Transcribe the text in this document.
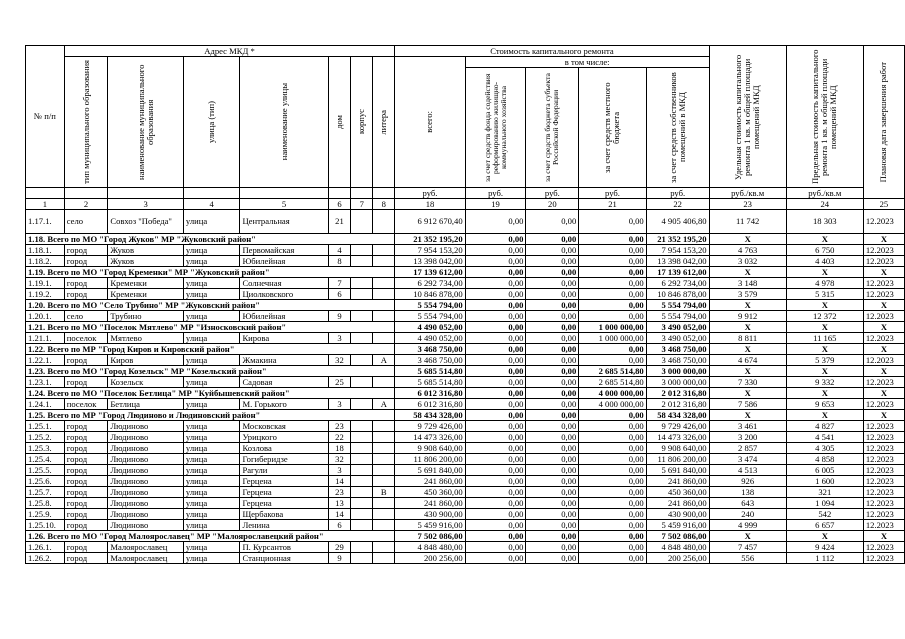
№ п/п	Адрес МКД *							Стоимость капитального ремонта					Удельная стоимость капитального ремонта 1 кв. м общей площади помещений МКД	Предельная стоимость капитального ремонта 1 кв. м общей площади помещений МКД	Плановая дата завершения работ

	тип муниципального образования	наименование муниципального образования	улица (тип)	наименование улицы	дом	корпус	литера	всего:	в том числе:						

									за счет средств фонда содействия реформированию жилищно-коммунального хозяйства	за счет средств бюджета субъекта Российской Федерации	за счет средств местного бюджета	за счет средств собственников помещений в МКД			

								руб.	руб.	руб.	руб.	руб.	руб./кв.м	руб./кв.м	
1	2	3	4	5	6	7	8	18	19	20	21	22	23	24	25
1.17.1.	село	Совхоз "Победа"	улица	Центральная	21			6 912 670,40	0,00	0,00	0,00	4 905 406,80	11 742	18 303	12.2023
1.18. Всего по МО "Город Жуков" МР "Жуковский район"								21 352 195,20	0,00	0,00	0,00	21 352 195,20	X	X	X
1.18.1.	город	Жуков	улица	Первомайская	4			7 954 153,20	0,00	0,00	0,00	7 954 153,20	4 763	6 750	12.2023
1.18.2.	город	Жуков	улица	Юбилейная	8			13 398 042,00	0,00	0,00	0,00	13 398 042,00	3 032	4 403	12.2023
1.19. Всего по МО "Город Кременки" МР "Жуковский район"								17 139 612,00	0,00	0,00	0,00	17 139 612,00	X	X	X
1.19.1.	город	Кременки	улица	Солнечная	7			6 292 734,00	0,00	0,00	0,00	6 292 734,00	3 148	4 978	12.2023
1.19.2.	город	Кременки	улица	Циолковского	6			10 846 878,00	0,00	0,00	0,00	10 846 878,00	3 579	5 315	12.2023
1.20. Всего по МО "Село Трубино" МР "Жуковский район"								5 554 794,00	0,00	0,00	0,00	5 554 794,00	X	X	X
1.20.1.	село	Трубино	улица	Юбилейная	9			5 554 794,00	0,00	0,00	0,00	5 554 794,00	9 912	12 372	12.2023
1.21. Всего по МО "Поселок Мятлево" МР "Износковский район"								4 490 052,00	0,00	0,00	1 000 000,00	3 490 052,00	X	X	X
1.21.1.	поселок	Мятлево	улица	Кирова	3			4 490 052,00	0,00	0,00	1 000 000,00	3 490 052,00	8 811	11 165	12.2023
1.22. Всего по МР "Город Киров и Кировский район"								3 468 750,00	0,00	0,00	0,00	3 468 750,00	X	X	X
1.22.1.	город	Киров	улица	Жмакина	32		А	3 468 750,00	0,00	0,00	0,00	3 468 750,00	4 674	5 379	12.2023
1.23. Всего по МО "Город Козельск" МР "Козельский район"								5 685 514,80	0,00	0,00	2 685 514,80	3 000 000,00	X	X	X
1.23.1.	город	Козельск	улица	Садовая	25			5 685 514,80	0,00	0,00	2 685 514,80	3 000 000,00	7 330	9 332	12.2023
1.24. Всего по МО "Поселок Бетлица" МР "Куйбышевский район"								6 012 316,80	0,00	0,00	4 000 000,00	2 012 316,80	X	X	X
1.24.1.	поселок	Бетлица	улица	М. Горького	3		А	6 012 316,80	0,00	0,00	4 000 000,00	2 012 316,80	7 586	9 653	12.2023
1.25. Всего по МР "Город Людиново и Людиновский район"								58 434 328,00	0,00	0,00	0,00	58 434 328,00	X	X	X
1.25.1.	город	Людиново	улица	Московская	23			9 729 426,00	0,00	0,00	0,00	9 729 426,00	3 461	4 827	12.2023
1.25.2.	город	Людиново	улица	Урицкого	22			14 473 326,00	0,00	0,00	0,00	14 473 326,00	3 200	4 541	12.2023
1.25.3.	город	Людиново	улица	Козлова	18			9 908 640,00	0,00	0,00	0,00	9 908 640,00	2 857	4 305	12.2023
1.25.4.	город	Людиново	улица	Гогиберидзе	32			11 806 200,00	0,00	0,00	0,00	11 806 200,00	3 474	4 858	12.2023
1.25.5.	город	Людиново	улица	Рагули	3			5 691 840,00	0,00	0,00	0,00	5 691 840,00	4 513	6 005	12.2023
1.25.6.	город	Людиново	улица	Герцена	14			241 860,00	0,00	0,00	0,00	241 860,00	926	1 600	12.2023
1.25.7.	город	Людиново	улица	Герцена	23		В	450 360,00	0,00	0,00	0,00	450 360,00	138	321	12.2023
1.25.8.	город	Людиново	улица	Герцена	13			241 860,00	0,00	0,00	0,00	241 860,00	643	1 094	12.2023
1.25.9.	город	Людиново	улица	Щербакова	14			430 900,00	0,00	0,00	0,00	430 900,00	240	542	12.2023
1.25.10.	город	Людиново	улица	Ленина	6			5 459 916,00	0,00	0,00	0,00	5 459 916,00	4 999	6 657	12.2023
1.26. Всего по МО "Город Малоярославец" МР "Малоярославецкий район"								7 502 086,00	0,00	0,00	0,00	7 502 086,00	X	X	X
1.26.1.	город	Малоярославец	улица	П. Курсантов	29			4 848 480,00	0,00	0,00	0,00	4 848 480,00	7 457	9 424	12.2023
1.26.2.	город	Малоярославец	улица	Станционная	9			200 256,00	0,00	0,00	0,00	200 256,00	556	1 112	12.2023
